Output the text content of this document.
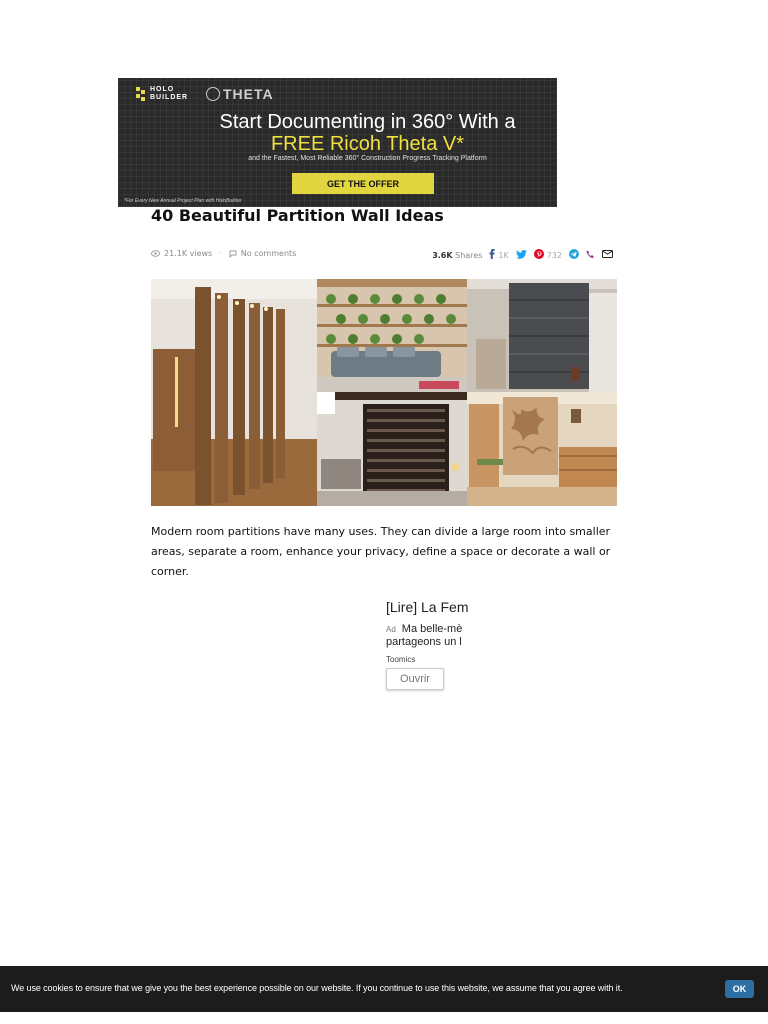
HOLO
BUILDER THETA
Start Documenting in 360° With a
FREE Ricoh Theta V*
and the Fastest, Most Reliable 360° Construction Progress Tracking Platform
GET THE OFFER
*For Every New Annual Project Plan with HoloBuilder
40 Beautiful Partition Wall Ideas
21.1K views · No comments	3.6K Shares 1K	732

Modern room partitions have many uses. They can divide a large room into smaller areas, separate a room, enhance your privacy, define a space or decorate a wall or corner.

[Lire] La Fem
Ad Ma belle-mè
partageons un l
Toomics
Ouvrir
We use cookies to ensure that we give you the best experience possible on our website. If you continue to use this website, we assume that you agree with it.	OK
